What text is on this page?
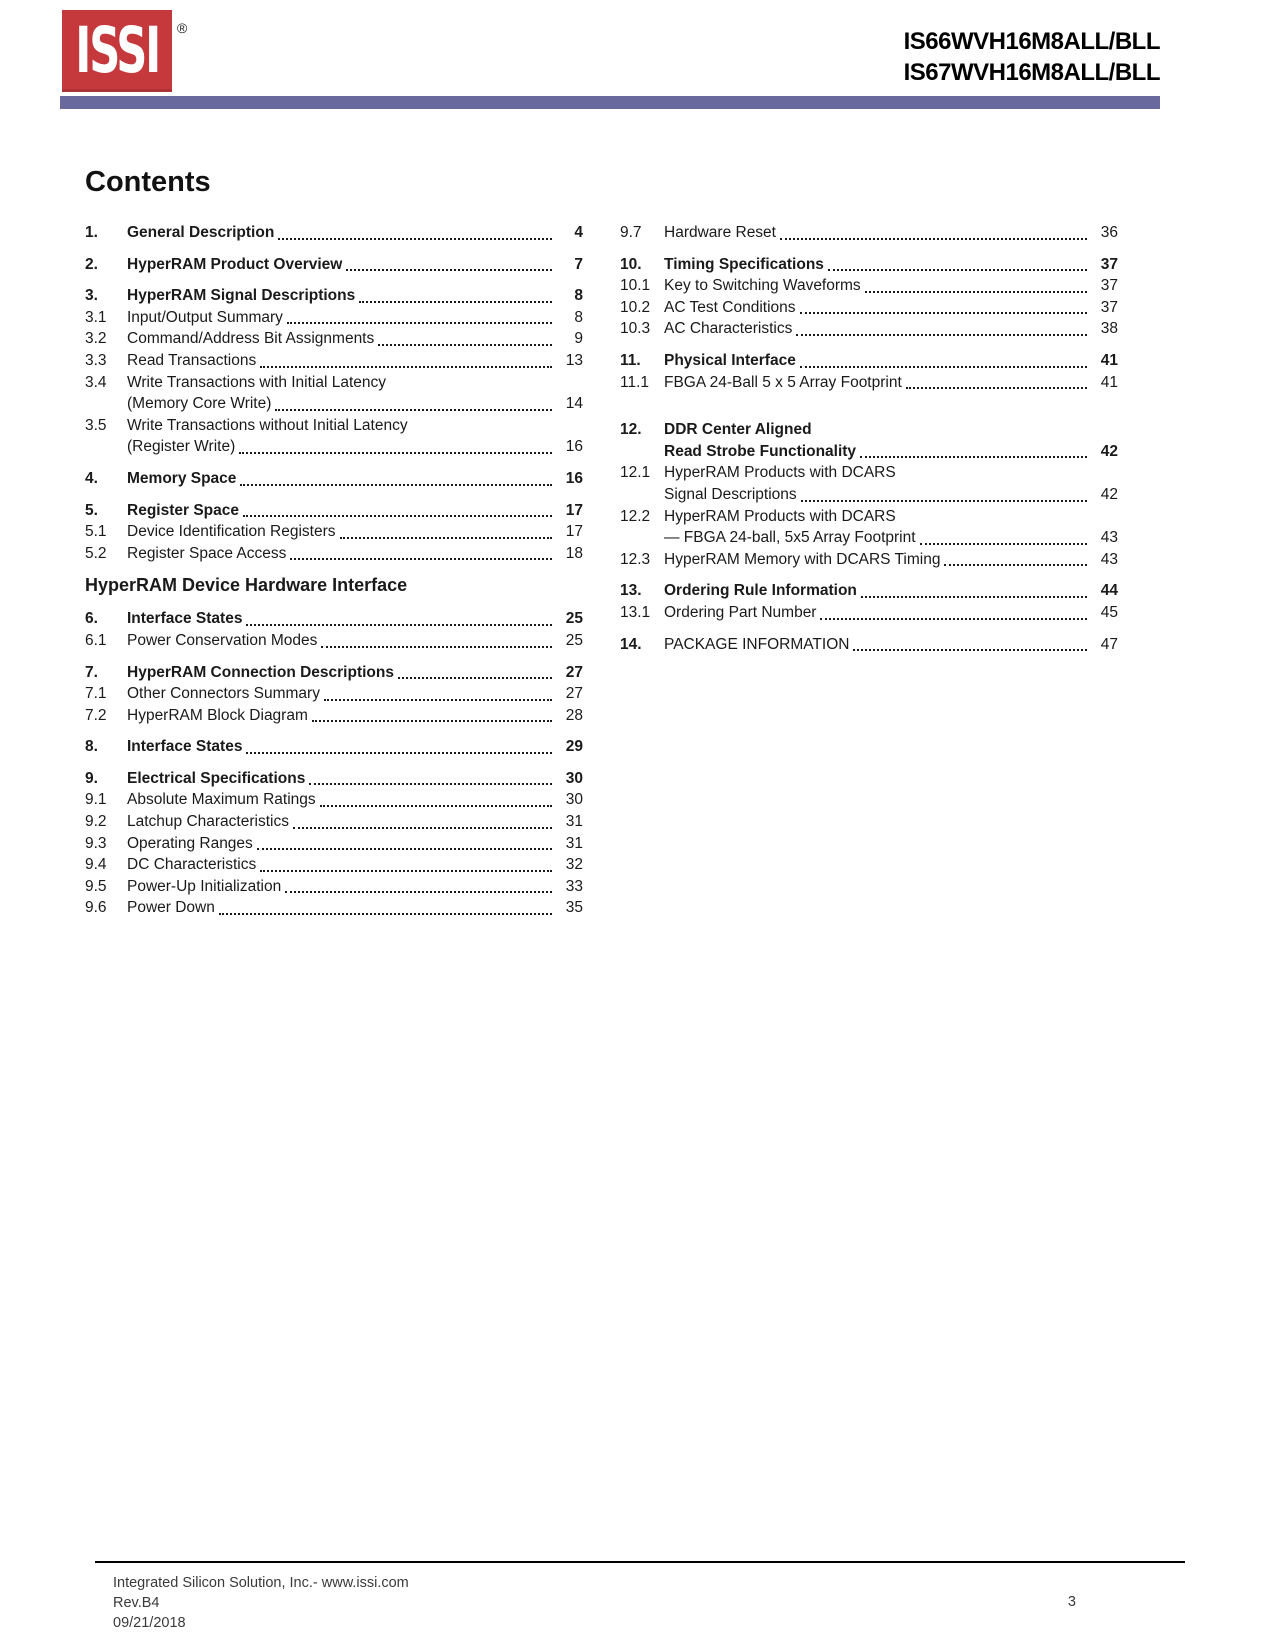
ISSI ®	IS66WVH16M8ALL/BLL
IS67WVH16M8ALL/BLL
Contents
1.	General Description	4
2.	HyperRAM Product Overview	7
3.	HyperRAM Signal Descriptions	8
3.1	Input/Output Summary	8
3.2	Command/Address Bit Assignments	9
3.3	Read Transactions	13
3.4	Write Transactions with Initial Latency
(Memory Core Write)	14
3.5	Write Transactions without Initial Latency
(Register Write)	16
4.	Memory Space	16
5.	Register Space	17
5.1	Device Identification Registers	17
5.2	Register Space Access	18
HyperRAM Device Hardware Interface
6.	Interface States	25
6.1	Power Conservation Modes	25
7.	HyperRAM Connection Descriptions	27
7.1	Other Connectors Summary	27
7.2	HyperRAM Block Diagram	28
8.	Interface States	29
9.	Electrical Specifications	30
9.1	Absolute Maximum Ratings	30
9.2	Latchup Characteristics	31
9.3	Operating Ranges	31
9.4	DC Characteristics	32
9.5	Power-Up Initialization	33
9.6	Power Down	35
9.7	Hardware Reset	36
10.	Timing Specifications	37
10.1 Key to Switching Waveforms	37
10.2 AC Test Conditions	37
10.3 AC Characteristics	38
11.	Physical Interface	41
11.1 FBGA 24-Ball 5 x 5 Array Footprint	41
12.	DDR Center Aligned
Read Strobe Functionality	42
12.1 HyperRAM Products with DCARS
Signal Descriptions	42
12.2 HyperRAM Products with DCARS
— FBGA 24-ball, 5x5 Array Footprint	43
12.3 HyperRAM Memory with DCARS Timing	43
13.	Ordering Rule Information	44
13.1 Ordering Part Number	45
14.	PACKAGE INFORMATION	47
Integrated Silicon Solution, Inc.- www.issi.com
Rev.B4
09/21/2018
3
